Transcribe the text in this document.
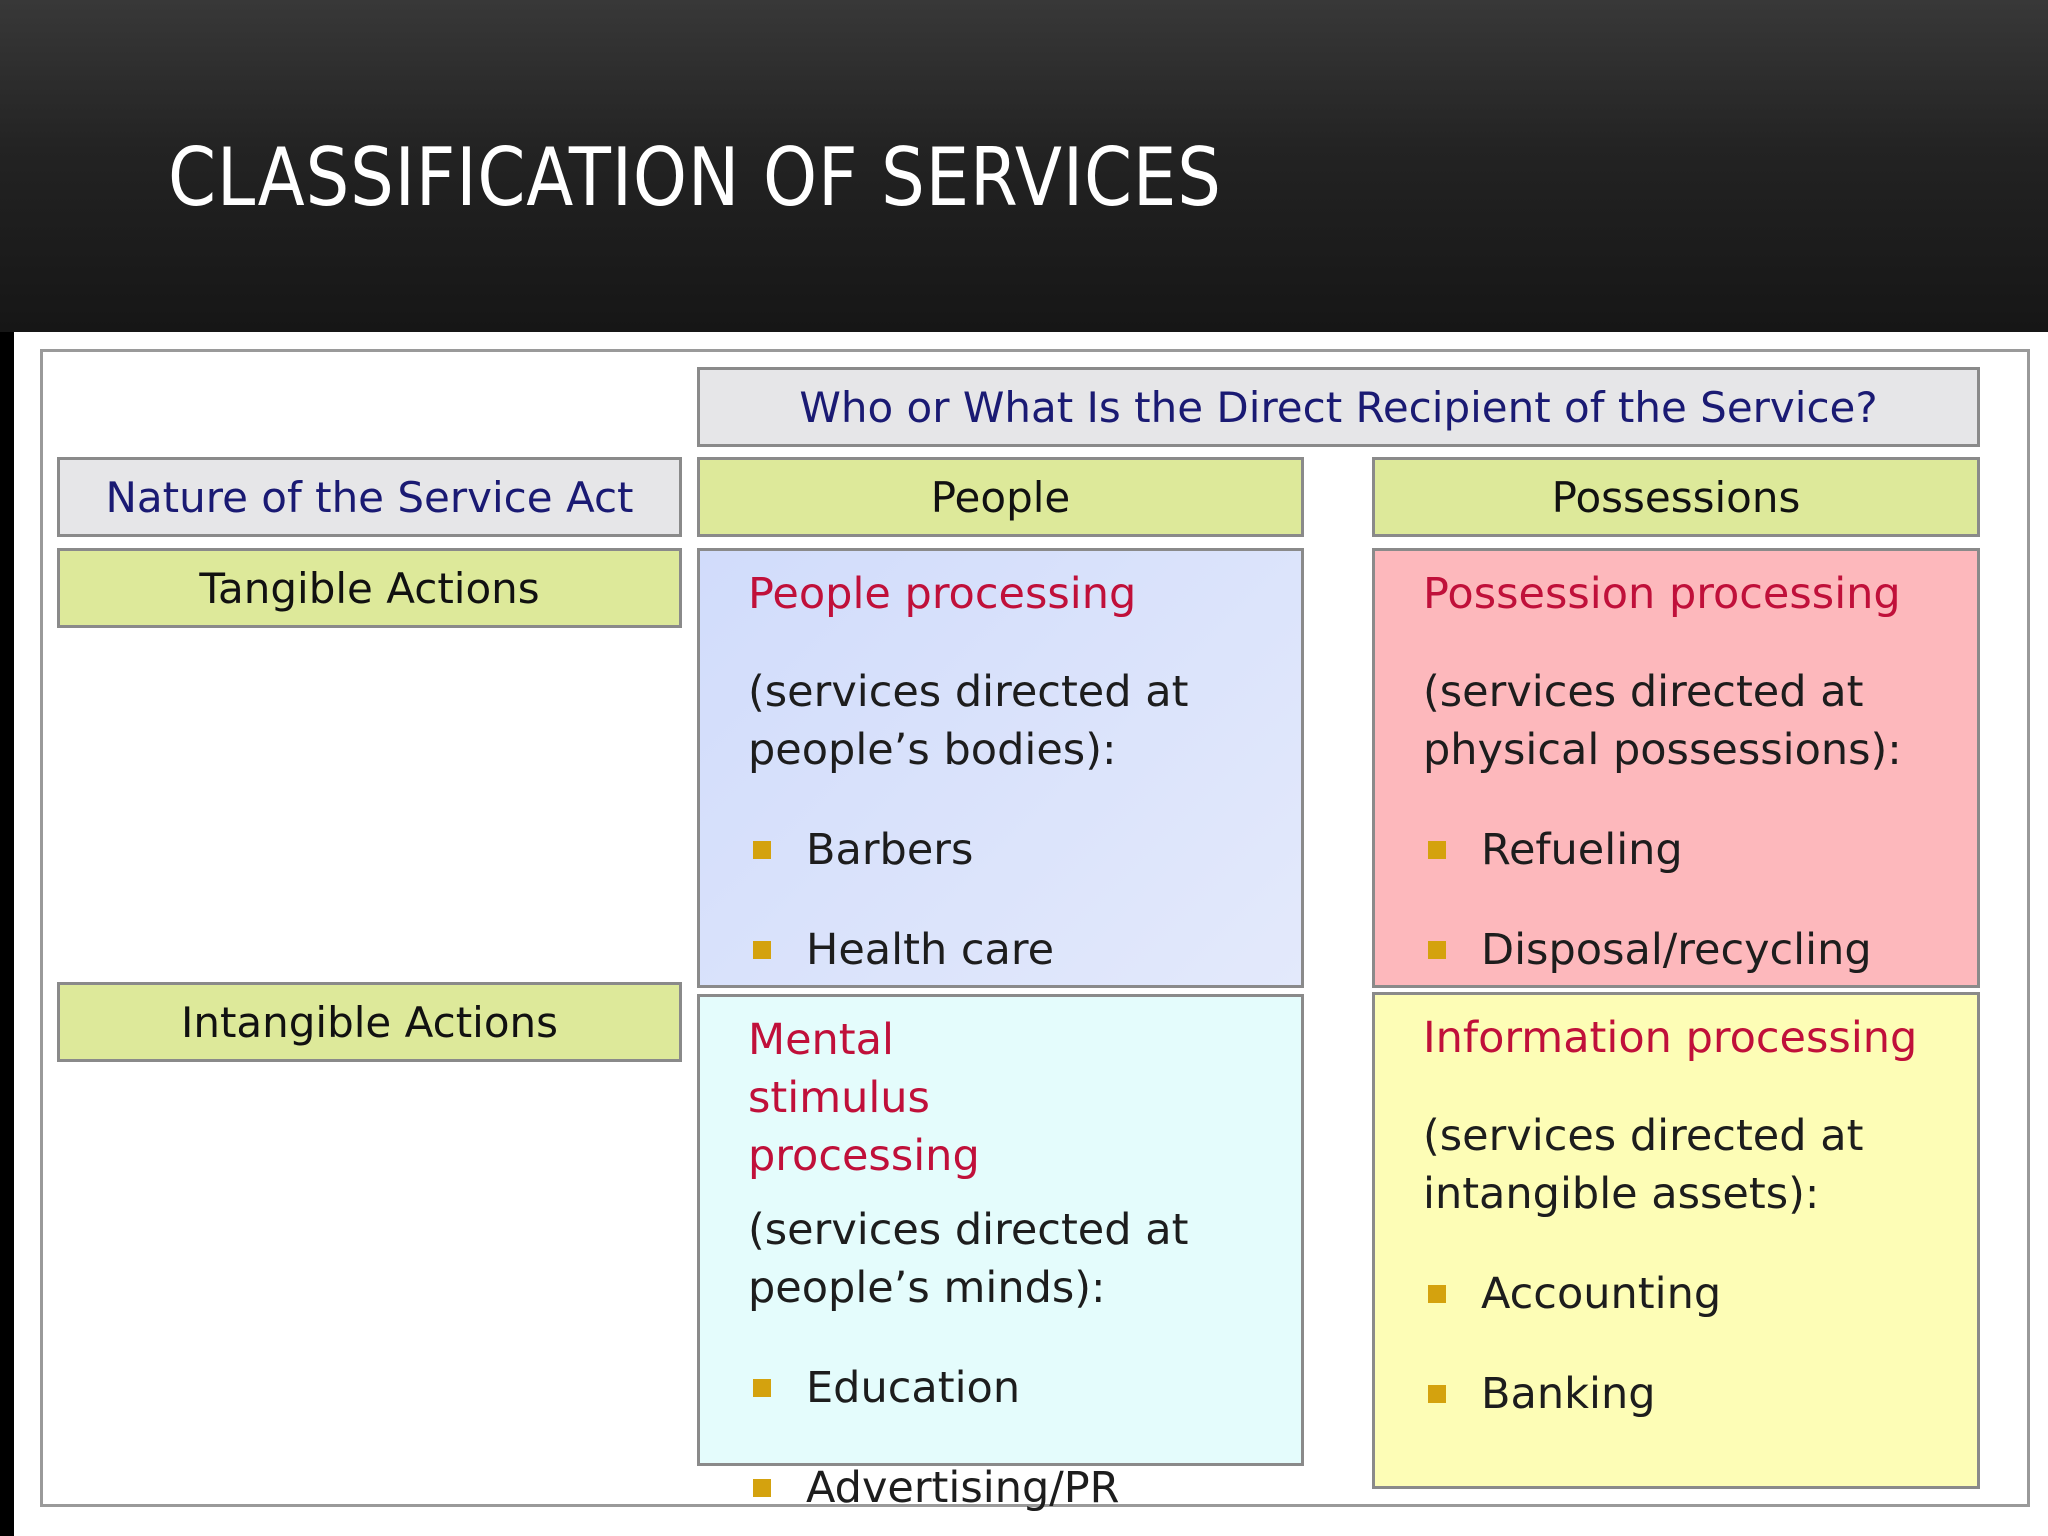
CLASSIFICATION OF SERVICES
Who or What Is the Direct Recipient of the Service?
Nature of the Service Act	People	Possessions
Tangible Actions
Intangible Actions
People processing
(services directed at people’s bodies):
Barbers
Health care
Possession processing
(services directed at physical possessions):
Refueling
Disposal/recycling
Mental stimulus processing
(services directed at people’s minds):
Education
Advertising/PR
Information processing
(services directed at intangible assets):
Accounting
Banking
